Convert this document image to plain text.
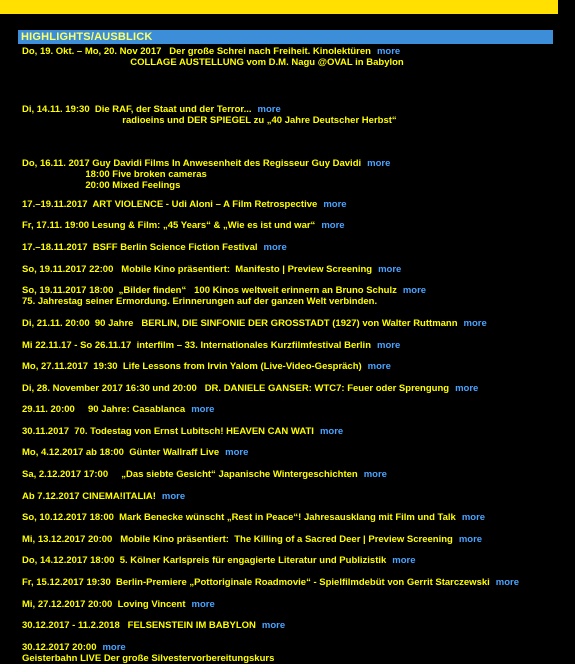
HIGHLIGHTS/AUSBLICK
Do, 19. Okt. – Mo, 20. Nov 2017   Der große Schrei nach Freiheit. Kinolektüren more
COLLAGE AUSTELLUNG vom D.M. Nagu @OVAL in Babylon
Di, 14.11. 19:30  Die RAF, der Staat und der Terror... more
radioeins und DER SPIEGEL zu „40 Jahre Deutscher Herbst“
Do, 16.11. 2017 Guy Davidi Films In Anwesenheit des Regisseur Guy Davidi more
18:00 Five broken cameras
20:00 Mixed Feelings
17.–19.11.2017  ART VIOLENCE - Udi Aloni – A Film Retrospective more
Fr, 17.11. 19:00 Lesung & Film: „45 Years“ & „Wie es ist und war“ more
17.–18.11.2017  BSFF Berlin Science Fiction Festival more
So, 19.11.2017 22:00   Mobile Kino präsentiert:  Manifesto | Preview Screening more
So, 19.11.2017 18:00  „Bilder finden“   100 Kinos weltweit erinnern an Bruno Schulz more
75. Jahrestag seiner Ermordung. Erinnerungen auf der ganzen Welt verbinden.
Di, 21.11. 20:00  90 Jahre   BERLIN, DIE SINFONIE DER GROSSTADT (1927) von Walter Ruttmann more
Mi 22.11.17 - So 26.11.17  interfilm – 33. Internationales Kurzfilmfestival Berlin more
Mo, 27.11.2017  19:30  Life Lessons from Irvin Yalom (Live-Video-Gespräch) more
Di, 28. November 2017 16:30 und 20:00   DR. DANIELE GANSER: WTC7: Feuer oder Sprengung more
29.11. 20:00     90 Jahre: Casablanca more
30.11.2017  70. Todestag von Ernst Lubitsch! HEAVEN CAN WATI more
Mo, 4.12.2017 ab 18:00  Günter Wallraff Live more
Sa, 2.12.2017 17:00     „Das siebte Gesicht“ Japanische Wintergeschichten more
Ab 7.12.2017 CINEMA!ITALIA! more
So, 10.12.2017 18:00  Mark Benecke wünscht „Rest in Peace“! Jahresausklang mit Film und Talk more
Mi, 13.12.2017 20:00   Mobile Kino präsentiert:  The Killing of a Sacred Deer | Preview Screening more
Do, 14.12.2017 18:00  5. Kölner Karlspreis für engagierte Literatur und Publizistik more
Fr, 15.12.2017 19:30  Berlin-Premiere „Pottoriginale Roadmovie“ - Spielfilmdebüt von Gerrit Starczewski more
Mi, 27.12.2017 20:00  Loving Vincent more
30.12.2017 - 11.2.2018   FELSENSTEIN IM BABYLON more
30.12.2017 20:00 more
Geisterbahn LIVE Der große Silvestervorbereitungskurs
